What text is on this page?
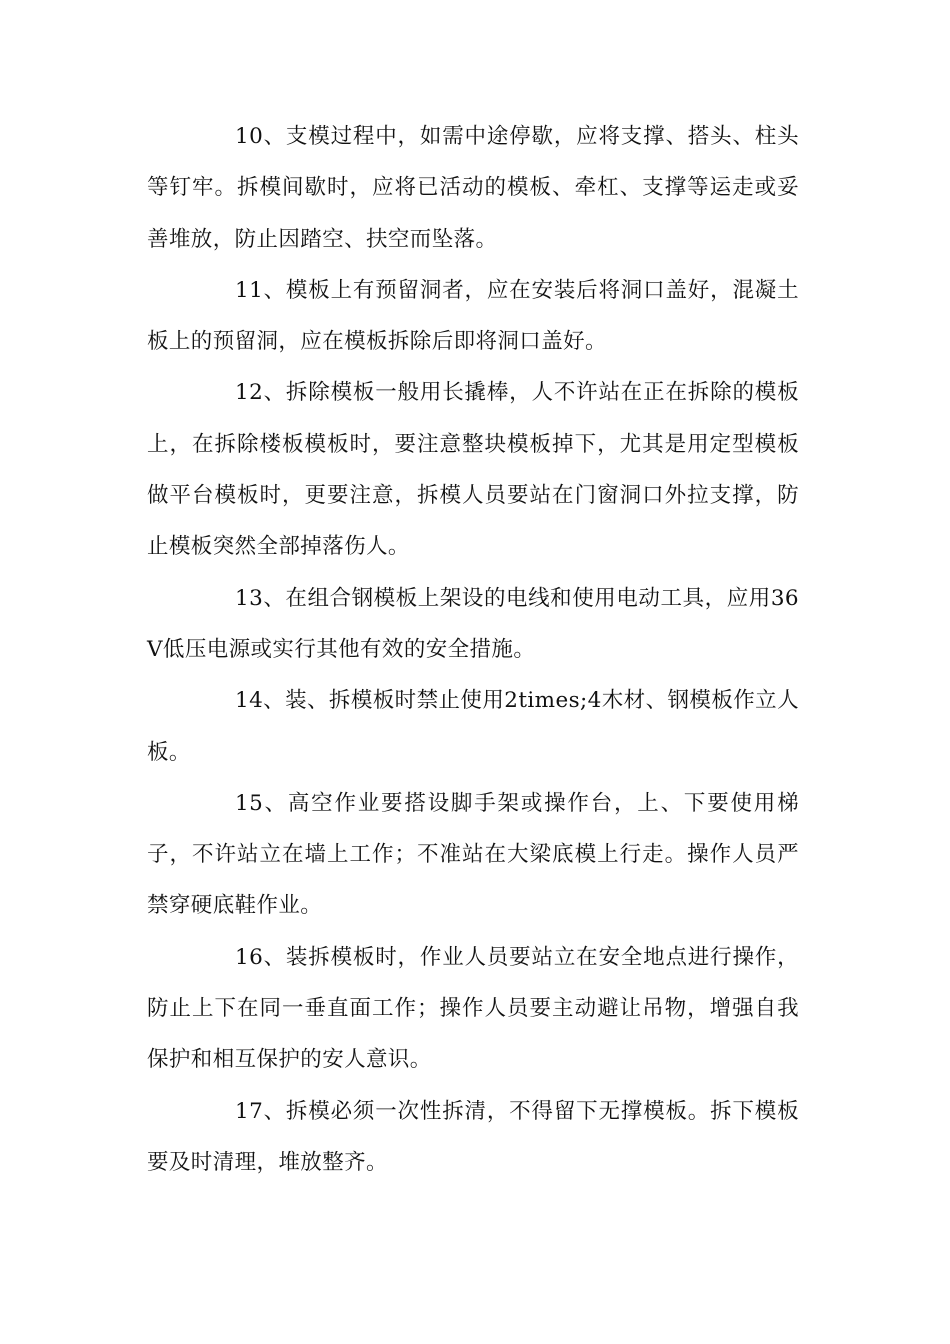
10、支模过程中，如需中途停歇，应将支撑、搭头、柱头等钉牢。拆模间歇时，应将已活动的模板、牵杠、支撑等运走或妥善堆放，防止因踏空、扶空而坠落。

11、模板上有预留洞者，应在安装后将洞口盖好，混凝土板上的预留洞，应在模板拆除后即将洞口盖好。

12、拆除模板一般用长撬棒，人不许站在正在拆除的模板上，在拆除楼板模板时，要注意整块模板掉下，尤其是用定型模板做平台模板时，更要注意，拆模人员要站在门窗洞口外拉支撑，防止模板突然全部掉落伤人。

13、在组合钢模板上架设的电线和使用电动工具，应用36V低压电源或实行其他有效的安全措施。

14、装、拆模板时禁止使用2times;4木材、钢模板作立人板。

15、高空作业要搭设脚手架或操作台，上、下要使用梯子，不许站立在墙上工作；不准站在大梁底模上行走。操作人员严禁穿硬底鞋作业。

16、装拆模板时，作业人员要站立在安全地点进行操作，防止上下在同一垂直面工作；操作人员要主动避让吊物，增强自我保护和相互保护的安人意识。

17、拆模必须一次性拆清，不得留下无撑模板。拆下模板要及时清理，堆放整齐。
